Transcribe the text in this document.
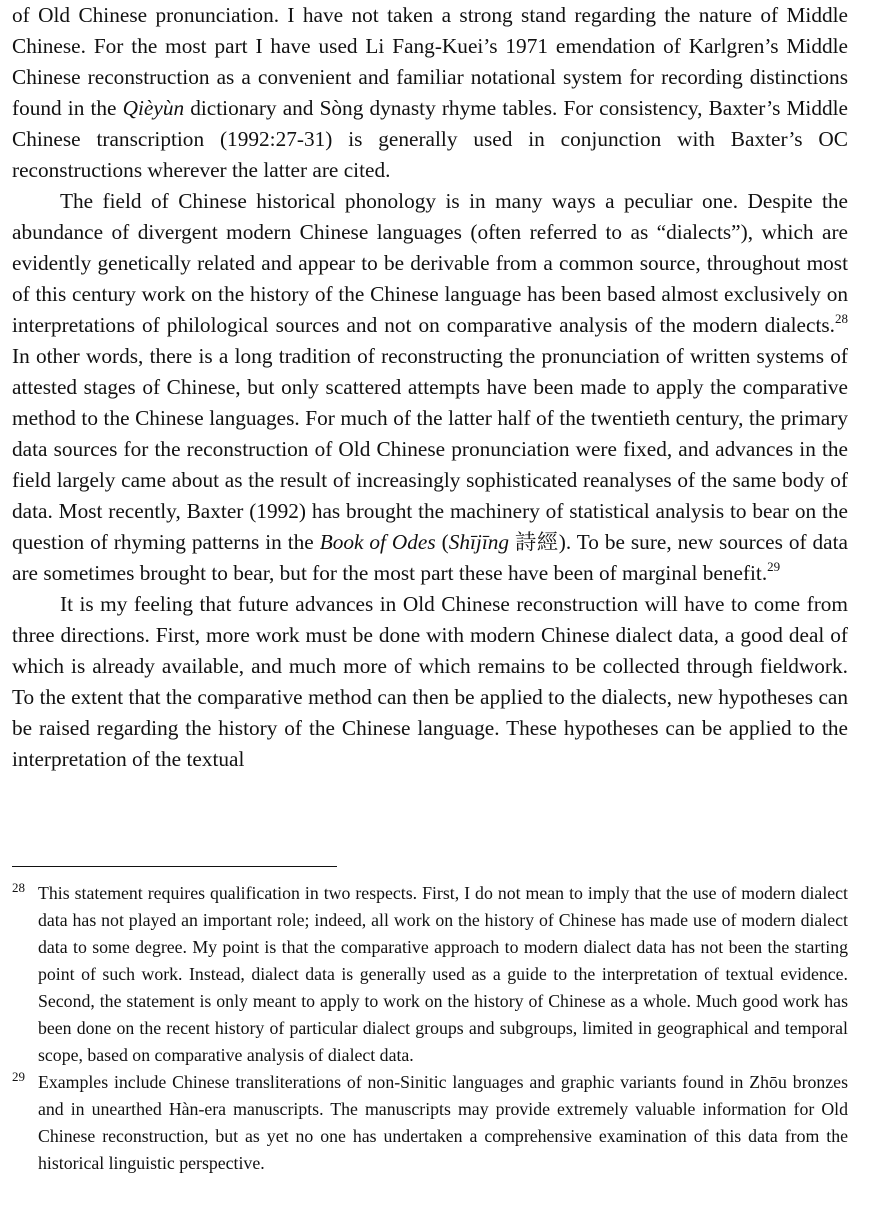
of Old Chinese pronunciation. I have not taken a strong stand regarding the nature of Middle Chinese. For the most part I have used Li Fang-Kuei’s 1971 emendation of Karlgren’s Middle Chinese reconstruction as a convenient and familiar notational system for recording distinctions found in the Qièyùn dictionary and Sòng dynasty rhyme tables. For consistency, Baxter’s Middle Chinese transcription (1992:27-31) is generally used in conjunction with Baxter’s OC reconstructions wherever the latter are cited.

The field of Chinese historical phonology is in many ways a peculiar one. Despite the abundance of divergent modern Chinese languages (often referred to as “dialects”), which are evidently genetically related and appear to be derivable from a common source, throughout most of this century work on the history of the Chinese language has been based almost exclusively on interpretations of philological sources and not on comparative analysis of the modern dialects.$^{28}$ In other words, there is a long tradition of reconstructing the pronunciation of written systems of attested stages of Chinese, but only scattered attempts have been made to apply the comparative method to the Chinese languages. For much of the latter half of the twentieth century, the primary data sources for the reconstruction of Old Chinese pronunciation were fixed, and advances in the field largely came about as the result of increasingly sophisticated reanalyses of the same body of data. Most recently, Baxter (1992) has brought the machinery of statistical analysis to bear on the question of rhyming patterns in the Book of Odes (Shījīng 詩經). To be sure, new sources of data are sometimes brought to bear, but for the most part these have been of marginal benefit.$^{29}$

It is my feeling that future advances in Old Chinese reconstruction will have to come from three directions. First, more work must be done with modern Chinese dialect data, a good deal of which is already available, and much more of which remains to be collected through fieldwork. To the extent that the comparative method can then be applied to the dialects, new hypotheses can be raised regarding the history of the Chinese language. These hypotheses can be applied to the interpretation of the textual

28 This statement requires qualification in two respects. First, I do not mean to imply that the use of modern dialect data has not played an important role; indeed, all work on the history of Chinese has made use of modern dialect data to some degree. My point is that the comparative approach to modern dialect data has not been the starting point of such work. Instead, dialect data is generally used as a guide to the interpretation of textual evidence. Second, the statement is only meant to apply to work on the history of Chinese as a whole. Much good work has been done on the recent history of particular dialect groups and subgroups, limited in geographical and temporal scope, based on comparative analysis of dialect data.

29 Examples include Chinese transliterations of non-Sinitic languages and graphic variants found in Zhōu bronzes and in unearthed Hàn-era manuscripts. The manuscripts may provide extremely valuable information for Old Chinese reconstruction, but as yet no one has undertaken a comprehensive examination of this data from the historical linguistic perspective.
